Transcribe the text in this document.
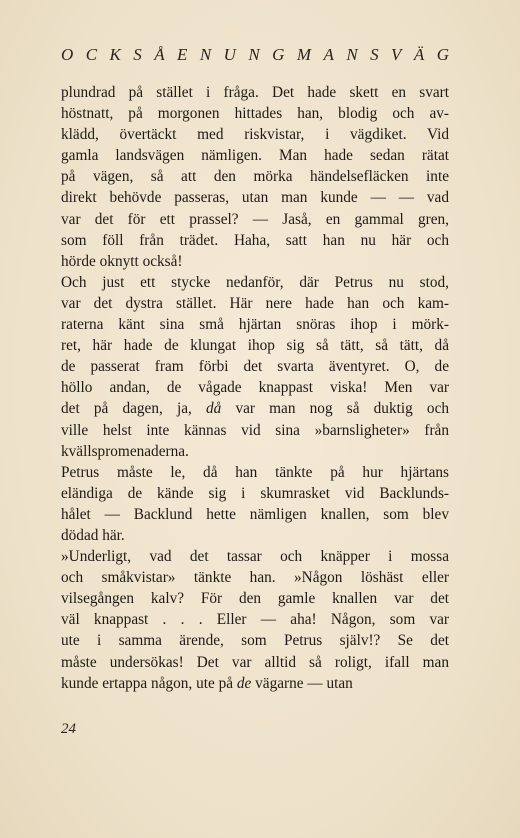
O C K S Å E N U N G M A N S V Ä G

plundrad på stället i fråga. Det hade skett en svart
höstnatt, på morgonen hittades han, blodig och av-
klädd, övertäckt med riskvistar, i vägdiket. Vid
gamla landsvägen nämligen. Man hade sedan rätat
på vägen, så att den mörka händelsefläcken inte
direkt behövde passeras, utan man kunde — — vad
var det för ett prassel? — Jaså, en gammal gren,
som föll från trädet. Haha, satt han nu här och
hörde oknytt också!

Och just ett stycke nedanför, där Petrus nu stod,
var det dystra stället. Här nere hade han och kam-
raterna känt sina små hjärtan snöras ihop i mörk-
ret, här hade de klungat ihop sig så tätt, så tätt, då
de passerat fram förbi det svarta äventyret. O, de
höllo andan, de vågade knappast viska! Men var
det på dagen, ja, då var man nog så duktig och
ville helst inte kännas vid sina »barnsligheter» från
kvällspromenaderna.

Petrus måste le, då han tänkte på hur hjärtans
eländiga de kände sig i skumrasket vid Backlunds-
hålet — Backlund hette nämligen knallen, som blev
dödad här.

»Underligt, vad det tassar och knäpper i mossa
och småkvistar» tänkte han. »Någon löshäst eller
vilsegången kalv? För den gamle knallen var det
väl knappast . . . Eller — aha! Någon, som var
ute i samma ärende, som Petrus själv!? Se det
måste undersökas! Det var alltid så roligt, ifall man
kunde ertappa någon, ute på de vägarne — utan

24
